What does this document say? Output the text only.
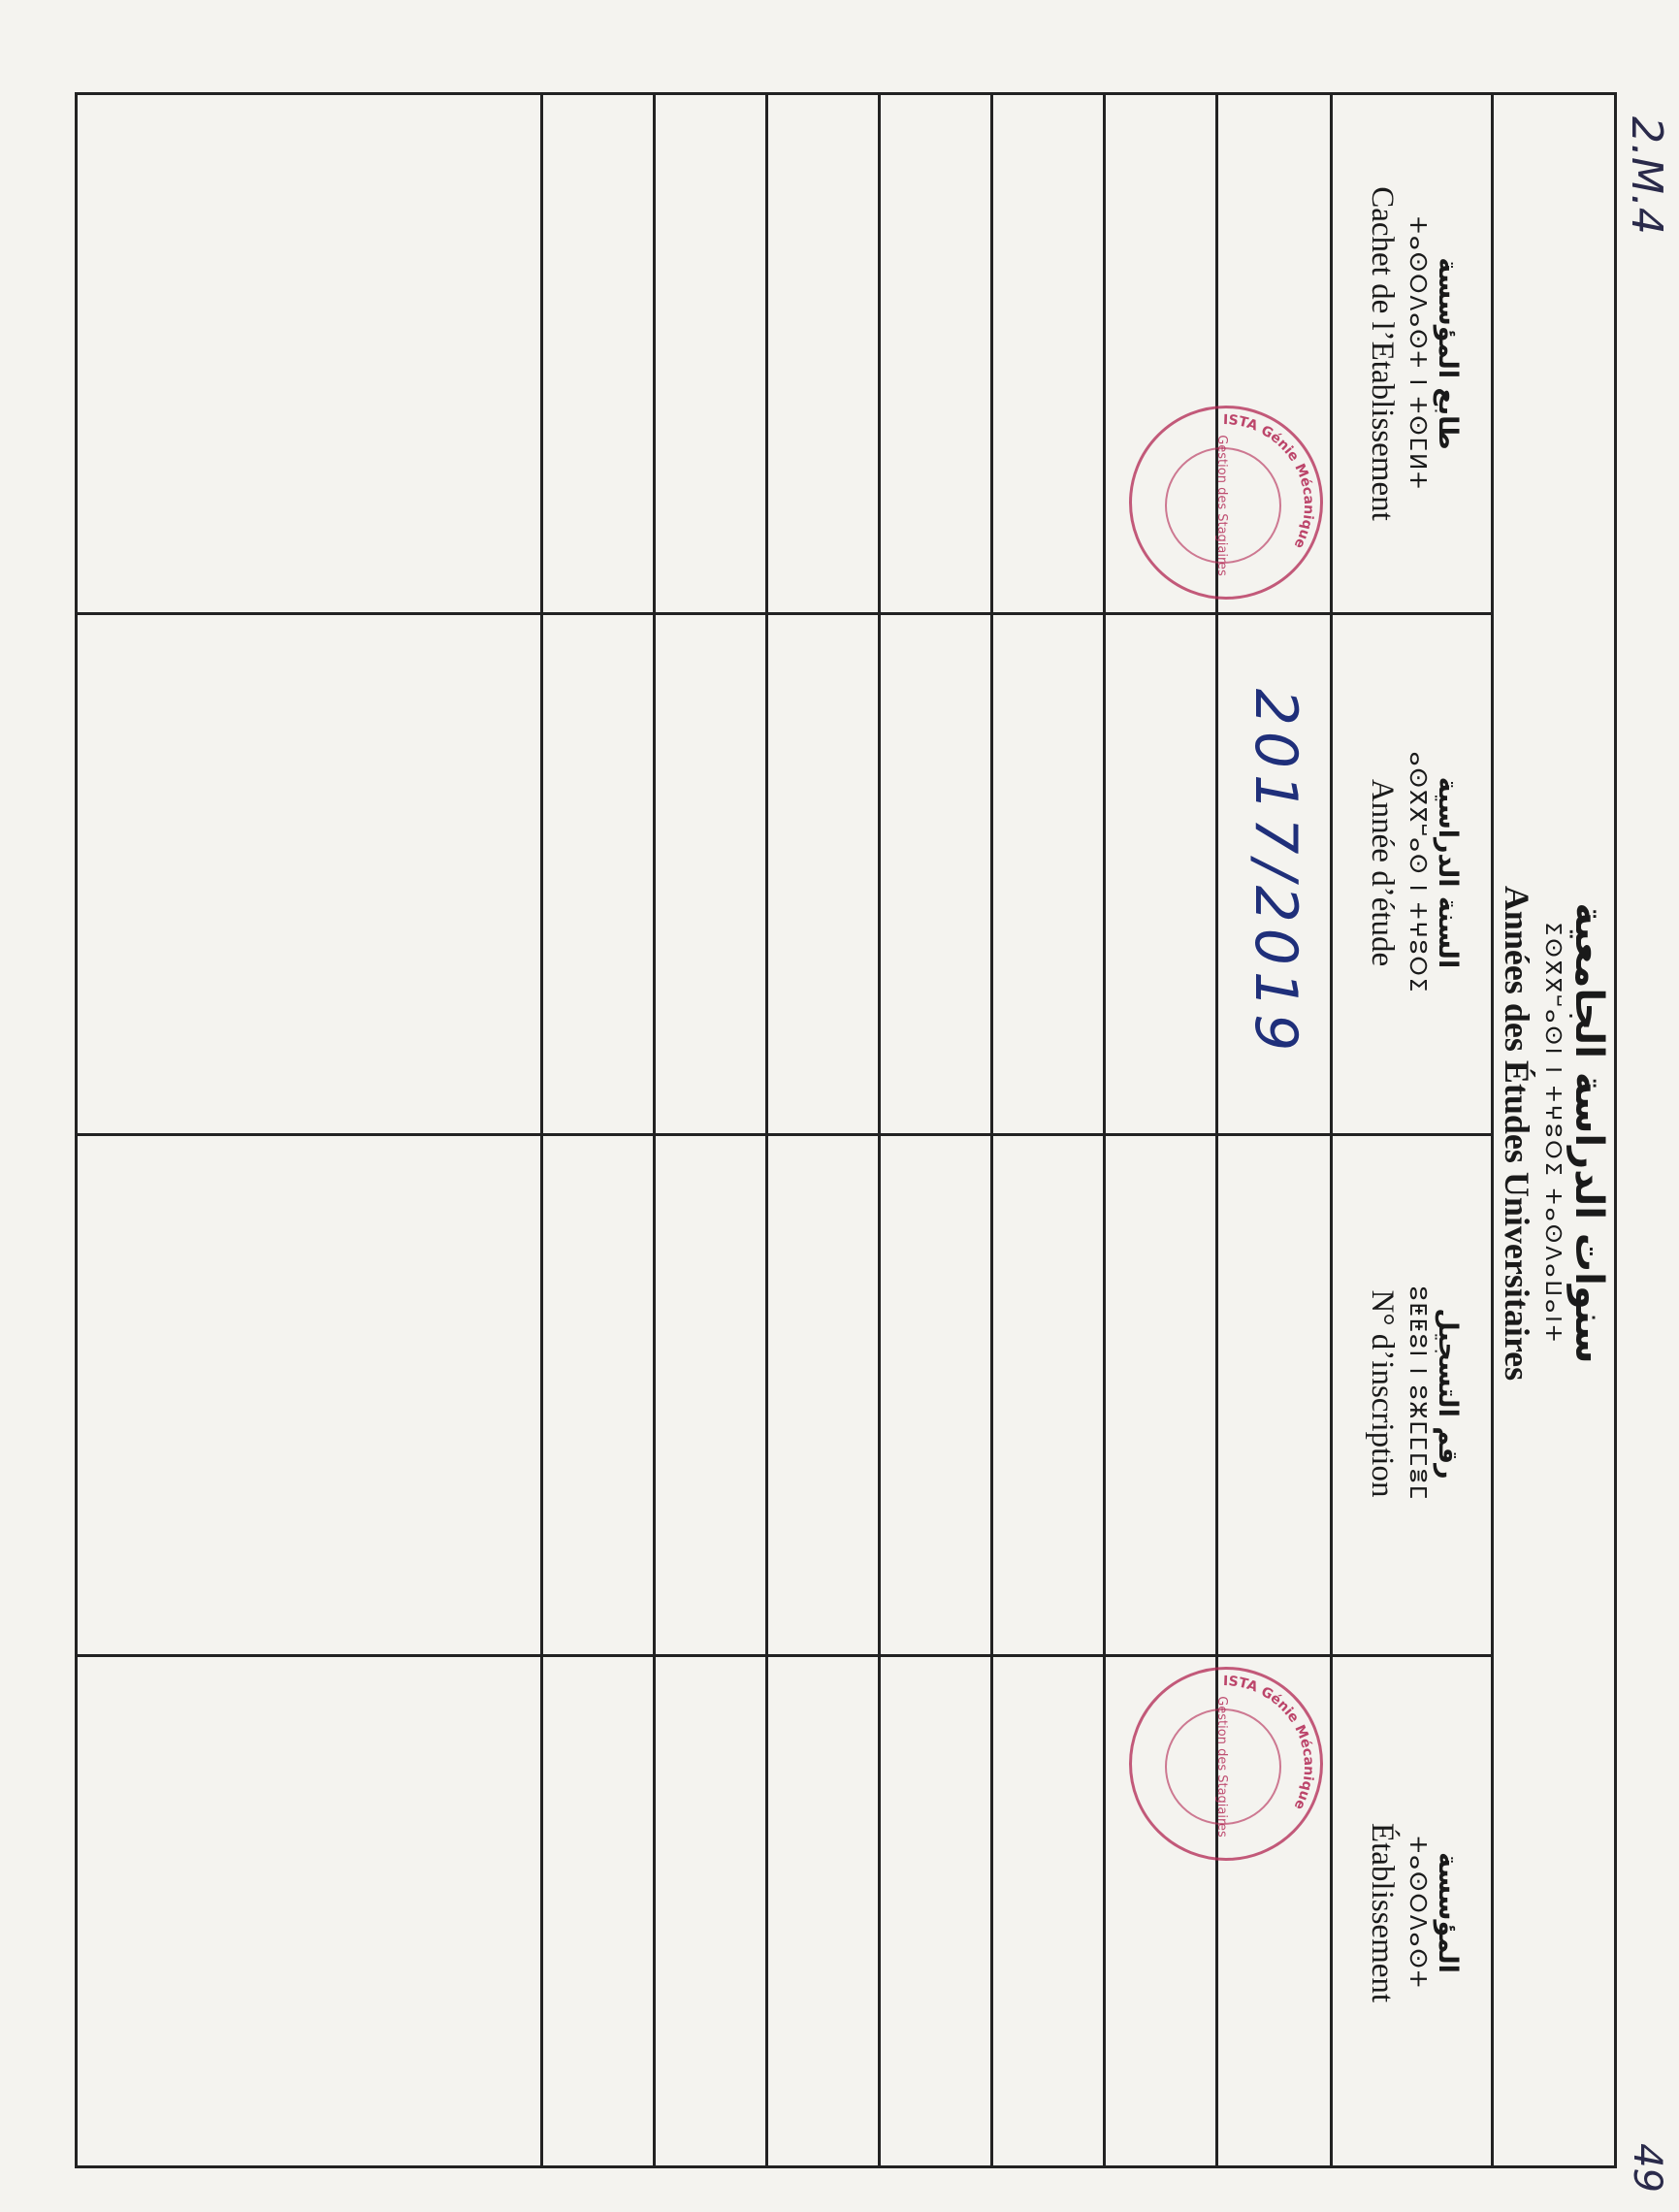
49
2.M.4
سنوات الدراسة الجامعية
ⵉⵙⴳⴳⵯⴰⵙⵏ ⵏ ⵜⵖⵓⵔⵉ ⵜⴰⵙⴷⴰⵡⴰⵏⵜ
Années des Études Universitaires
طابع المؤسسة
ⵜⴰⵙⵔⴷⴰⵙⵜ ⵏ ⵜⵙⵎⵍⵜ
Cachet de l’Etablissement
السنة الدراسية
ⴰⵙⴳⴳⵯⴰⵙ ⵏ ⵜⵖⵓⵔⵉ
Année d’étude
رقم التسجيل
ⵓⵟⵟⵓⵏ ⵏ ⵓⵣⵎⵎⵎⴻⵎ
N° d’inscription
المؤسسة
ⵜⴰⵙⵔⴷⴰⵙⵜ
Établissement
2017/2019
ISTA Génie Mécanique
Gestion des Stagiaires
ISTA Génie Mécanique
Gestion des Stagiaires
